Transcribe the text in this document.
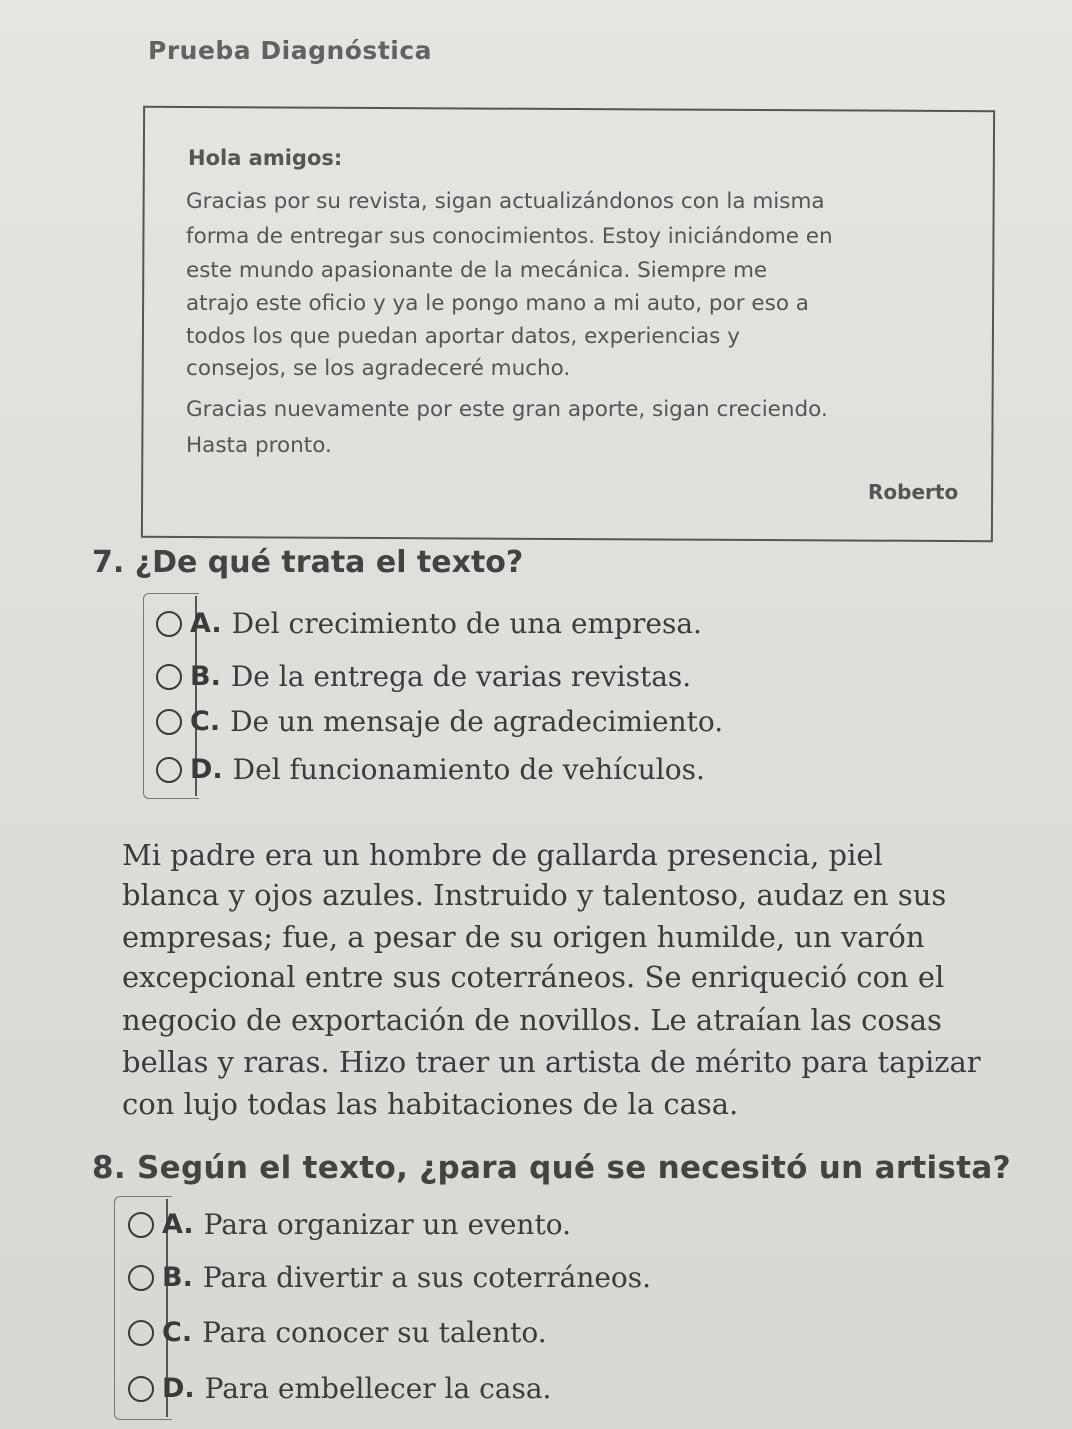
Prueba Diagnóstica
Hola amigos:
Gracias por su revista, sigan actualizándonos con la misma
forma de entregar sus conocimientos. Estoy iniciándome en
este mundo apasionante de la mecánica. Siempre me
atrajo este oficio y ya le pongo mano a mi auto, por eso a
todos los que puedan aportar datos, experiencias y
consejos, se los agradeceré mucho.
Gracias nuevamente por este gran aporte, sigan creciendo.
Hasta pronto.
Roberto
7. ¿De qué trata el texto?
A. Del crecimiento de una empresa.
B. De la entrega de varias revistas.
C. De un mensaje de agradecimiento.
D. Del funcionamiento de vehículos.
Mi padre era un hombre de gallarda presencia, piel
blanca y ojos azules. Instruido y talentoso, audaz en sus
empresas; fue, a pesar de su origen humilde, un varón
excepcional entre sus coterráneos. Se enriqueció con el
negocio de exportación de novillos. Le atraían las cosas
bellas y raras. Hizo traer un artista de mérito para tapizar
con lujo todas las habitaciones de la casa.
8. Según el texto, ¿para qué se necesitó un artista?
A. Para organizar un evento.
B. Para divertir a sus coterráneos.
C. Para conocer su talento.
D. Para embellecer la casa.
